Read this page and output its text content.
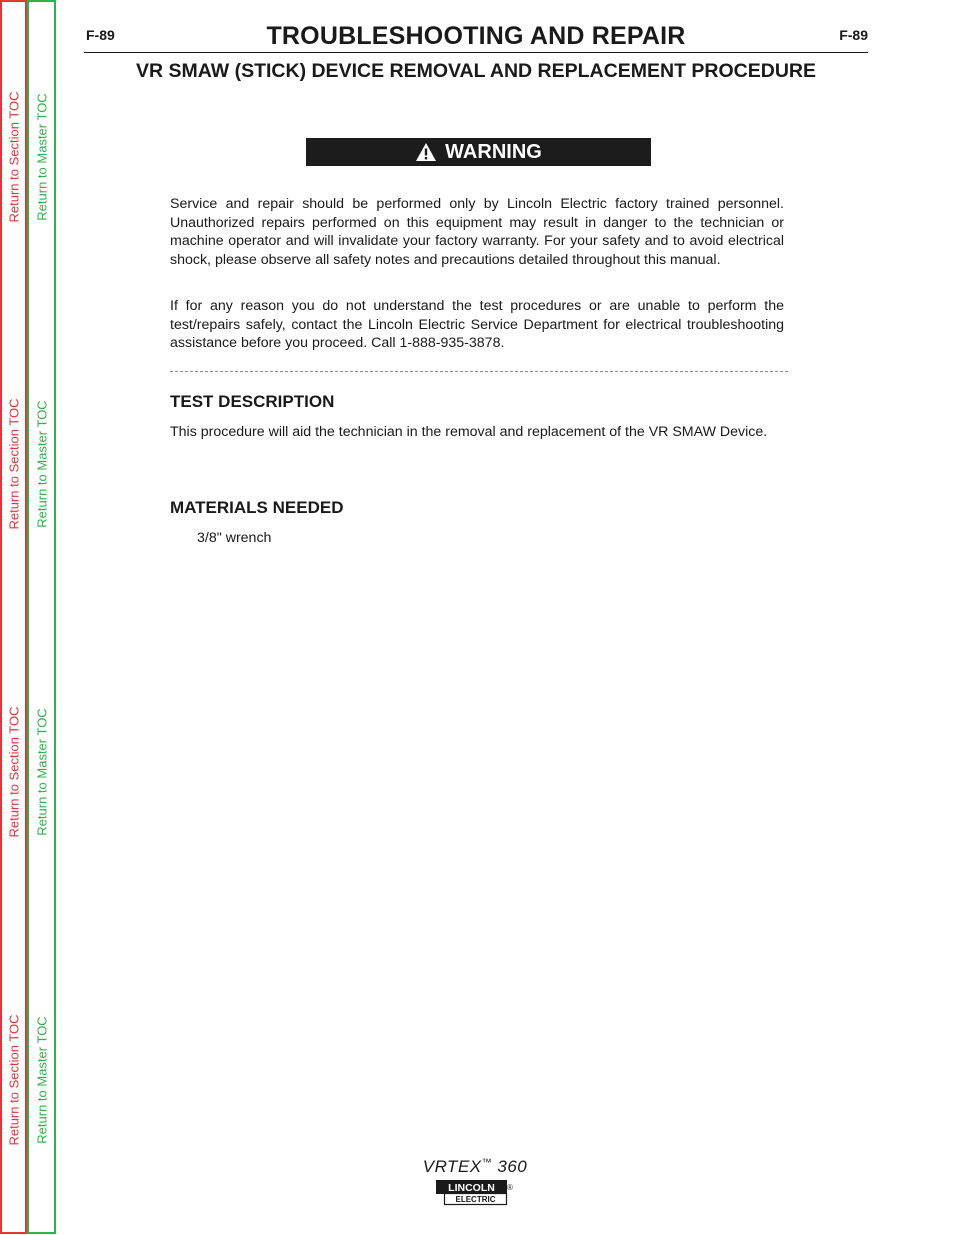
Return to Section TOC
Return to Section TOC
Return to Section TOC
Return to Section TOC
Return to Master TOC
Return to Master TOC
Return to Master TOC
Return to Master TOC
F-89	F-89
TROUBLESHOOTING AND REPAIR
VR SMAW (STICK) DEVICE REMOVAL AND REPLACEMENT PROCEDURE
WARNING
Service and repair should be performed only by Lincoln Electric factory trained personnel. Unauthorized repairs performed on this equipment may result in danger to the technician or machine operator and will invalidate your factory warranty. For your safety and to avoid electrical shock, please observe all safety notes and precautions detailed throughout this manual.
If for any reason you do not understand the test procedures or are unable to perform the test/repairs safely, contact the Lincoln Electric Service Department for electrical troubleshooting assistance before you proceed. Call 1-888-935-3878.
TEST DESCRIPTION
This procedure will aid the technician in the removal and replacement of the VR SMAW Device.
MATERIALS NEEDED
3/8" wrench
VRTEX™ 360
LINCOLN
ELECTRIC
®
